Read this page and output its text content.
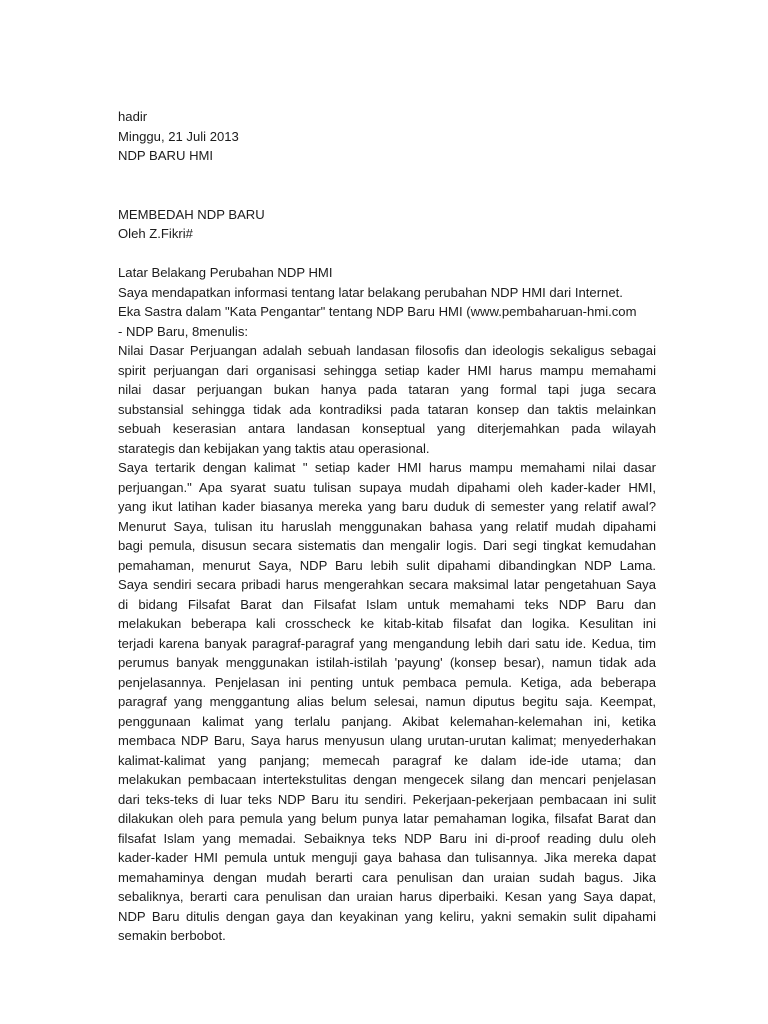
hadir
Minggu, 21 Juli 2013
NDP BARU HMI
MEMBEDAH NDP BARU
Oleh Z.Fikri#
Latar Belakang Perubahan NDP HMI
Saya mendapatkan informasi tentang latar belakang perubahan NDP HMI dari Internet.
Eka Sastra dalam "Kata Pengantar" tentang NDP Baru HMI (www.pembaharuan-hmi.com
- NDP Baru, 8menulis:
Nilai Dasar Perjuangan adalah sebuah landasan filosofis dan ideologis sekaligus sebagai
spirit perjuangan dari organisasi sehingga setiap kader HMI harus mampu memahami
nilai dasar perjuangan bukan hanya pada tataran yang formal tapi juga secara
substansial sehingga tidak ada kontradiksi pada tataran konsep dan taktis melainkan
sebuah keserasian antara landasan konseptual yang diterjemahkan pada wilayah
starategis dan kebijakan yang taktis atau operasional.
Saya tertarik dengan kalimat " setiap kader HMI harus mampu memahami nilai dasar
perjuangan." Apa syarat suatu tulisan supaya mudah dipahami oleh kader-kader HMI,
yang ikut latihan kader biasanya mereka yang baru duduk di semester yang relatif awal?
Menurut Saya, tulisan itu haruslah menggunakan bahasa yang relatif mudah dipahami
bagi pemula, disusun secara sistematis dan mengalir logis. Dari segi tingkat kemudahan
pemahaman, menurut Saya, NDP Baru lebih sulit dipahami dibandingkan NDP Lama.
Saya sendiri secara pribadi harus mengerahkan secara maksimal latar pengetahuan Saya
di bidang Filsafat Barat dan Filsafat Islam untuk memahami teks NDP Baru dan
melakukan beberapa kali crosscheck ke kitab-kitab filsafat dan logika. Kesulitan ini
terjadi karena banyak paragraf-paragraf yang mengandung lebih dari satu ide. Kedua, tim
perumus banyak menggunakan istilah-istilah 'payung' (konsep besar), namun tidak ada
penjelasannya. Penjelasan ini penting untuk pembaca pemula. Ketiga, ada beberapa
paragraf yang menggantung alias belum selesai, namun diputus begitu saja. Keempat,
penggunaan kalimat yang terlalu panjang. Akibat kelemahan-kelemahan ini, ketika
membaca NDP Baru, Saya harus menyusun ulang urutan-urutan kalimat; menyederhakan
kalimat-kalimat yang panjang; memecah paragraf ke dalam ide-ide utama; dan
melakukan pembacaan intertekstulitas dengan mengecek silang dan mencari penjelasan
dari teks-teks di luar teks NDP Baru itu sendiri. Pekerjaan-pekerjaan pembacaan ini sulit
dilakukan oleh para pemula yang belum punya latar pemahaman logika, filsafat Barat dan
filsafat Islam yang memadai. Sebaiknya teks NDP Baru ini di-proof reading dulu oleh
kader-kader HMI pemula untuk menguji gaya bahasa dan tulisannya. Jika mereka dapat
memahaminya dengan mudah berarti cara penulisan dan uraian sudah bagus. Jika
sebaliknya, berarti cara penulisan dan uraian harus diperbaiki. Kesan yang Saya dapat,
NDP Baru ditulis dengan gaya dan keyakinan yang keliru, yakni semakin sulit dipahami
semakin berbobot.
